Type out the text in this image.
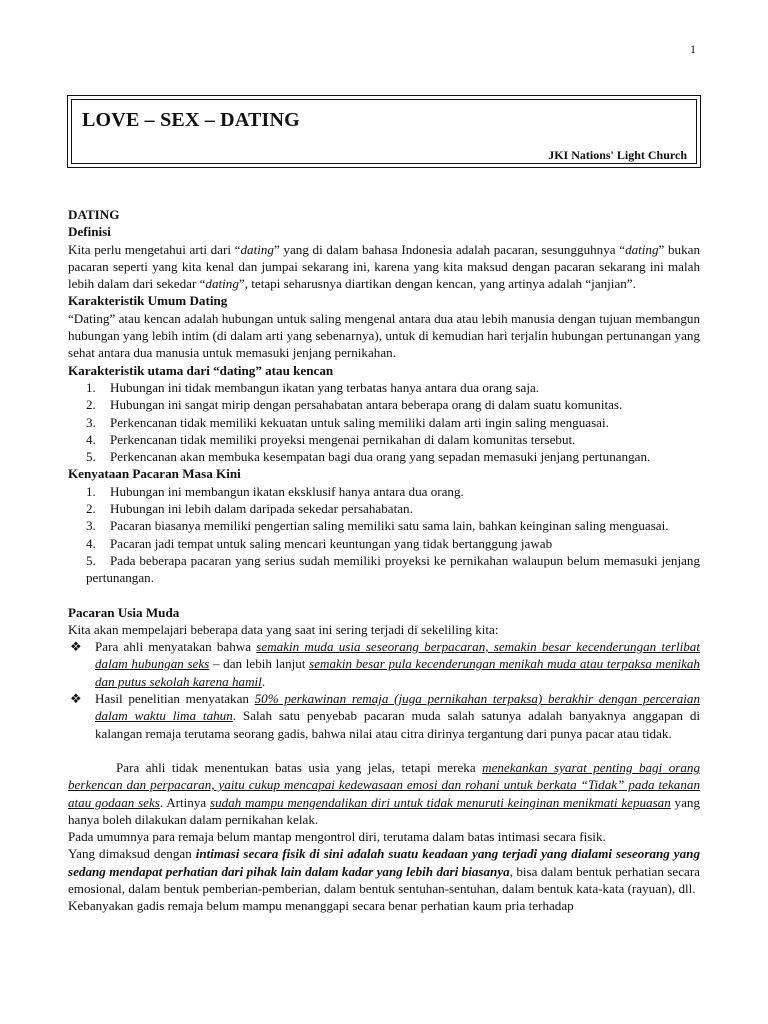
1
LOVE – SEX – DATING
JKI Nations' Light Church

DATING

Definisi

Kita perlu mengetahui arti dari “dating” yang di dalam bahasa Indonesia adalah pacaran, sesungguhnya “dating” bukan pacaran seperti yang kita kenal dan jumpai sekarang ini, karena yang kita maksud dengan pacaran sekarang ini malah lebih dalam dari sekedar “dating”, tetapi seharusnya diartikan dengan kencan, yang artinya adalah “janjian”.

Karakteristik Umum Dating

“Dating” atau kencan adalah hubungan untuk saling mengenal antara dua atau lebih manusia dengan tujuan membangun hubungan yang lebih intim (di dalam arti yang sebenarnya), untuk di kemudian hari terjalin hubungan pertunangan yang sehat antara dua manusia untuk memasuki jenjang pernikahan.

Karakteristik utama dari “dating” atau kencan

1. Hubungan ini tidak membangun ikatan yang terbatas hanya antara dua orang saja.
2. Hubungan ini sangat mirip dengan persahabatan antara beberapa orang di dalam suatu komunitas.
3. Perkencanan tidak memiliki kekuatan untuk saling memiliki dalam arti ingin saling menguasai.
4. Perkencanan tidak memiliki proyeksi mengenai pernikahan di dalam komunitas tersebut.
5. Perkencanan akan membuka kesempatan bagi dua orang yang sepadan memasuki jenjang pertunangan.

Kenyataan Pacaran Masa Kini

1. Hubungan ini membangun ikatan eksklusif hanya antara dua orang.
2. Hubungan ini lebih dalam daripada sekedar persahabatan.
3. Pacaran biasanya memiliki pengertian saling memiliki satu sama lain, bahkan keinginan saling menguasai.
4. Pacaran jadi tempat untuk saling mencari keuntungan yang tidak bertanggung jawab
5. Pada beberapa pacaran yang serius sudah memiliki proyeksi ke pernikahan walaupun belum memasuki jenjang pertunangan.

Pacaran Usia Muda

Kita akan mempelajari beberapa data yang saat ini sering terjadi di sekeliling kita:

❖ Para ahli menyatakan bahwa semakin muda usia seseorang berpacaran, semakin besar kecenderungan terlibat dalam hubungan seks – dan lebih lanjut semakin besar pula kecenderungan menikah muda atau terpaksa menikah dan putus sekolah karena hamil.
❖ Hasil penelitian menyatakan 50% perkawinan remaja (juga pernikahan terpaksa) berakhir dengan perceraian dalam waktu lima tahun. Salah satu penyebab pacaran muda salah satunya adalah banyaknya anggapan di kalangan remaja terutama seorang gadis, bahwa nilai atau citra dirinya tergantung dari punya pacar atau tidak.

Para ahli tidak menentukan batas usia yang jelas, tetapi mereka menekankan syarat penting bagi orang berkencan dan perpacaran, yaitu cukup mencapai kedewasaan emosi dan rohani untuk berkata “Tidak” pada tekanan atau godaan seks. Artinya sudah mampu mengendalikan diri untuk tidak menuruti keinginan menikmati kepuasan yang hanya boleh dilakukan dalam pernikahan kelak.

Pada umumnya para remaja belum mantap mengontrol diri, terutama dalam batas intimasi secara fisik.

Yang dimaksud dengan intimasi secara fisik di sini adalah suatu keadaan yang terjadi yang dialami seseorang yang sedang mendapat perhatian dari pihak lain dalam kadar yang lebih dari biasanya, bisa dalam bentuk perhatian secara emosional, dalam bentuk pemberian-pemberian, dalam bentuk sentuhan-sentuhan, dalam bentuk kata-kata (rayuan), dll.

Kebanyakan gadis remaja belum mampu menanggapi secara benar perhatian kaum pria terhadap
